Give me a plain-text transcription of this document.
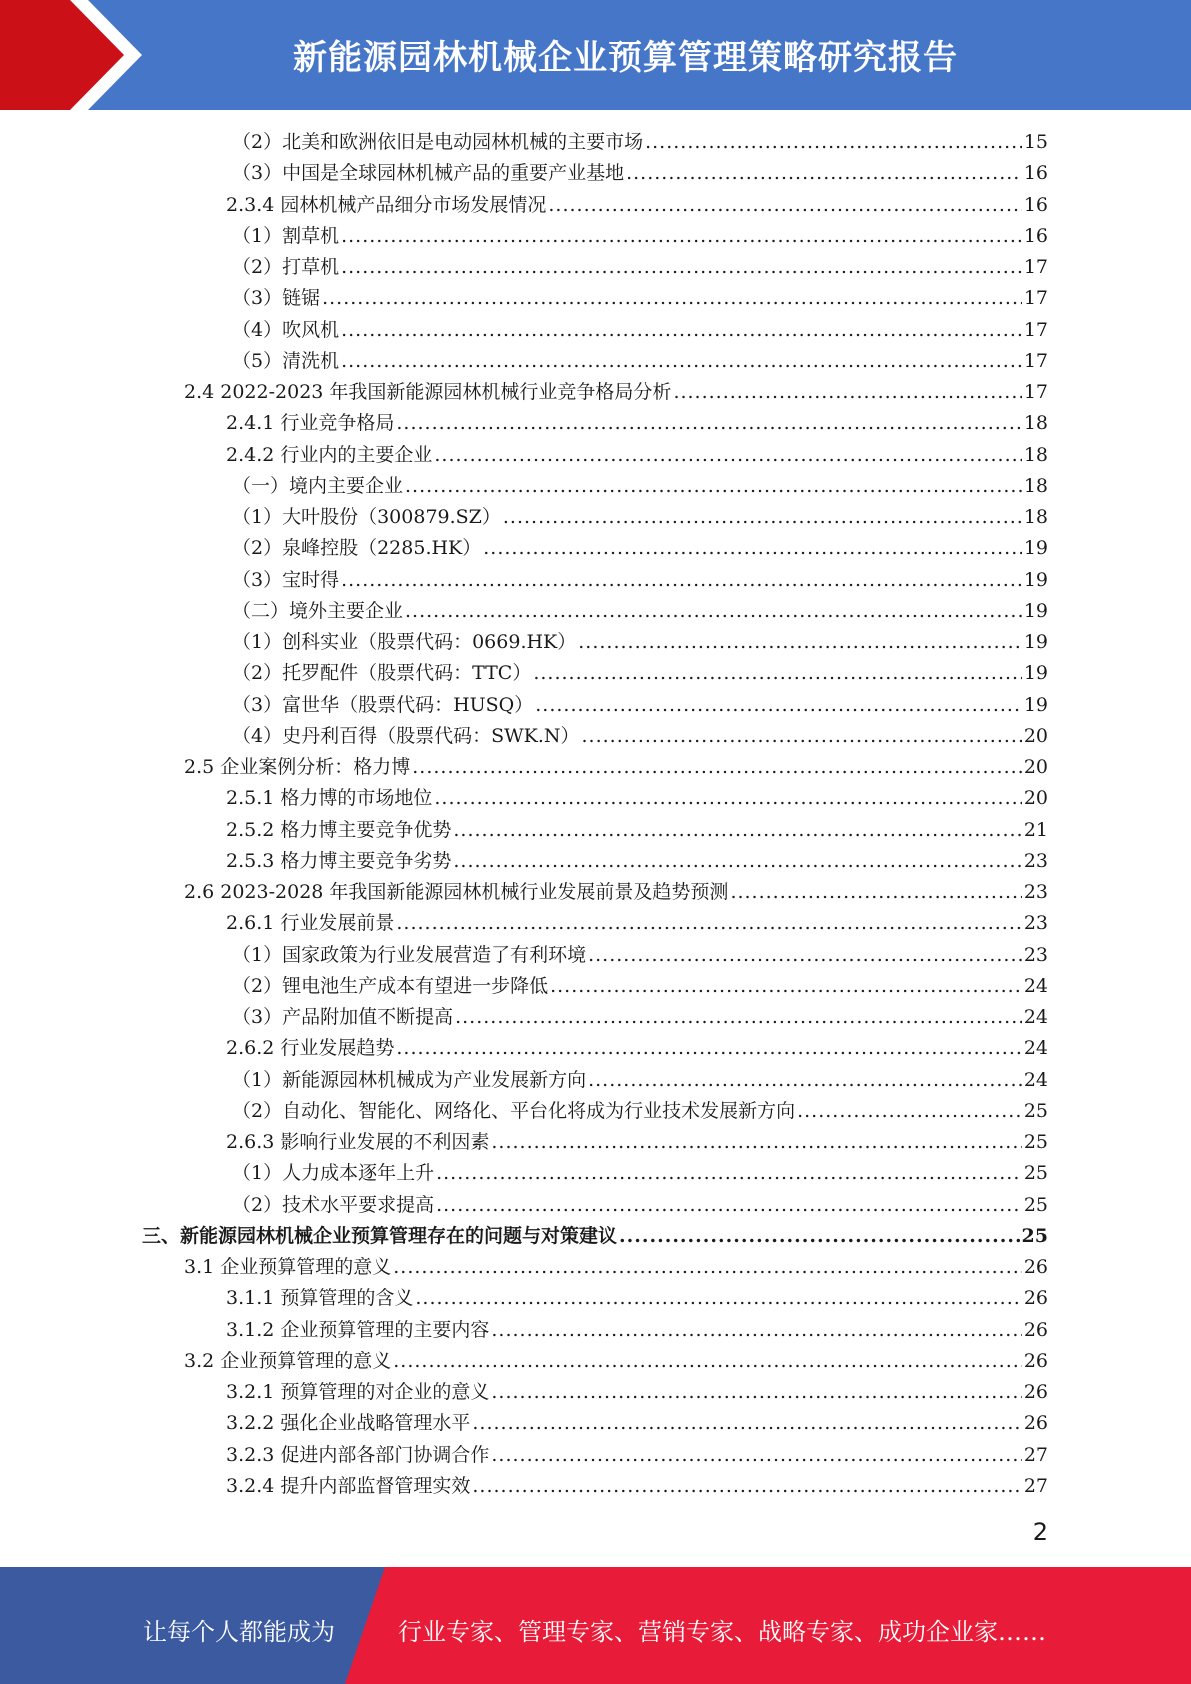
新能源园林机械企业预算管理策略研究报告
（2）北美和欧洲依旧是电动园林机械的主要市场 .....	15
（3）中国是全球园林机械产品的重要产业基地 .....	16
2.3.4 园林机械产品细分市场发展情况 .....	16
（1）割草机 .....	16
（2）打草机 .....	17
（3）链锯 .....	17
（4）吹风机 .....	17
（5）清洗机 .....	17
2.4 2022-2023 年我国新能源园林机械行业竞争格局分析 .....	17
2.4.1 行业竞争格局 .....	18
2.4.2 行业内的主要企业 .....	18
（一）境内主要企业 .....	18
（1）大叶股份（300879.SZ） .....	18
（2）泉峰控股（2285.HK） .....	19
（3）宝时得 .....	19
（二）境外主要企业 .....	19
（1）创科实业（股票代码：0669.HK） .....	19
（2）托罗配件（股票代码：TTC） .....	19
（3）富世华（股票代码：HUSQ） .....	19
（4）史丹利百得（股票代码：SWK.N） .....	20
2.5 企业案例分析：格力博 .....	20
2.5.1 格力博的市场地位 .....	20
2.5.2 格力博主要竞争优势 .....	21
2.5.3 格力博主要竞争劣势 .....	23
2.6 2023-2028 年我国新能源园林机械行业发展前景及趋势预测 .....	23
2.6.1 行业发展前景 .....	23
（1）国家政策为行业发展营造了有利环境 .....	23
（2）锂电池生产成本有望进一步降低 .....	24
（3）产品附加值不断提高 .....	24
2.6.2 行业发展趋势 .....	24
（1）新能源园林机械成为产业发展新方向 .....	24
（2）自动化、智能化、网络化、平台化将成为行业技术发展新方向 .....	25
2.6.3 影响行业发展的不利因素 .....	25
（1）人力成本逐年上升 .....	25
（2）技术水平要求提高 .....	25
三、新能源园林机械企业预算管理存在的问题与对策建议 .....	25
3.1 企业预算管理的意义 .....	26
3.1.1 预算管理的含义 .....	26
3.1.2 企业预算管理的主要内容 .....	26
3.2 企业预算管理的意义 .....	26
3.2.1 预算管理的对企业的意义 .....	26
3.2.2 强化企业战略管理水平 .....	26
3.2.3 促进内部各部门协调合作 .....	27
3.2.4 提升内部监督管理实效 .....	27
2
让每个人都能成为	行业专家、管理专家、营销专家、战略专家、成功企业家……
